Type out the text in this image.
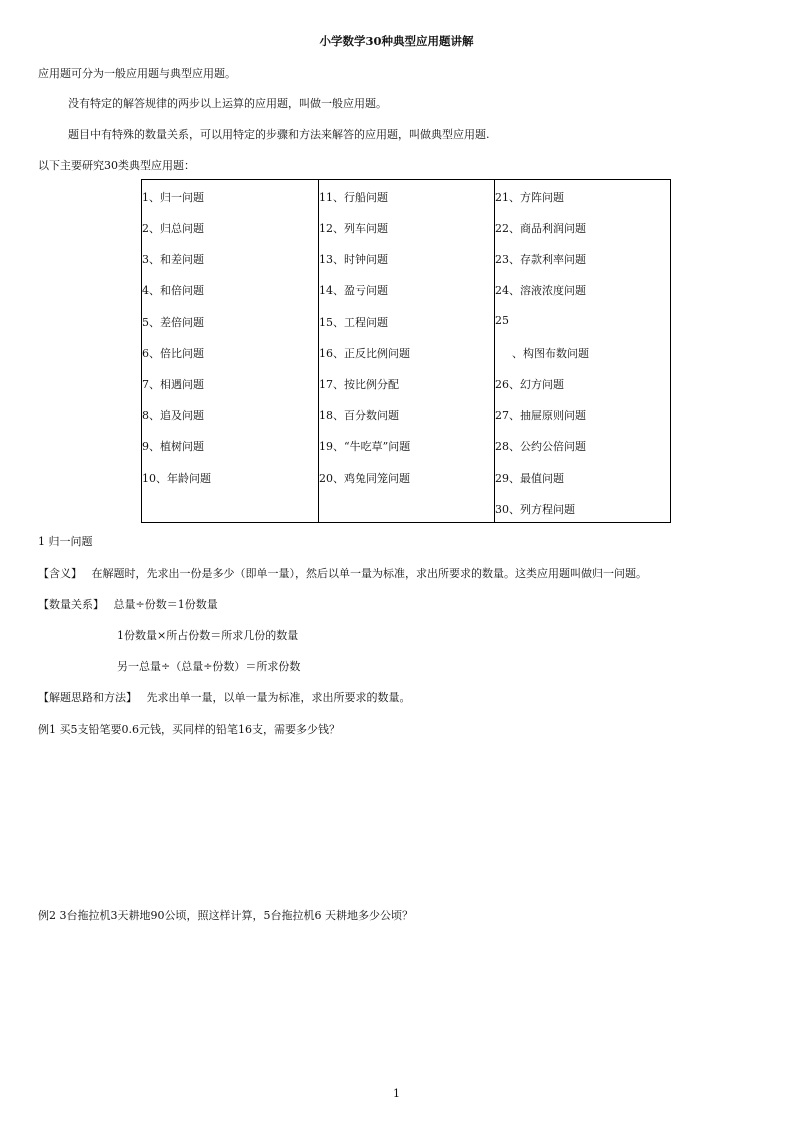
小学数学30种典型应用题讲解
应用题可分为一般应用题与典型应用题。
没有特定的解答规律的两步以上运算的应用题，叫做一般应用题。
题目中有特殊的数量关系，可以用特定的步骤和方法来解答的应用题，叫做典型应用题.
以下主要研究30类典型应用题：
1、归一问题
2、归总问题
3、和差问题
4、和倍问题
5、差倍问题
6、倍比问题
7、相遇问题
8、追及问题
9、植树问题
10、年龄问题
11、行船问题
12、列车问题
13、时钟问题
14、盈亏问题
15、工程问题
16、正反比例问题
17、按比例分配
18、百分数问题
19、“牛吃草”问题
20、鸡兔同笼问题
21、方阵问题
22、商品利润问题
23、存款利率问题
24、溶液浓度问题
25
、构图布数问题
26、幻方问题
27、抽屉原则问题
28、公约公倍问题
29、最值问题
30、列方程问题
1 归一问题
【含义】 在解题时，先求出一份是多少（即单一量），然后以单一量为标准，求出所要求的数量。这类应用题叫做归一问题。
【数量关系】 总量÷份数＝1份数量
1份数量×所占份数＝所求几份的数量
另一总量÷（总量÷份数）＝所求份数
【解题思路和方法】 先求出单一量，以单一量为标准，求出所要求的数量。
例1 买5支铅笔要0.6元钱，买同样的铅笔16支，需要多少钱？
例2 3台拖拉机3天耕地90公顷，照这样计算，5台拖拉机6 天耕地多少公顷？
1
